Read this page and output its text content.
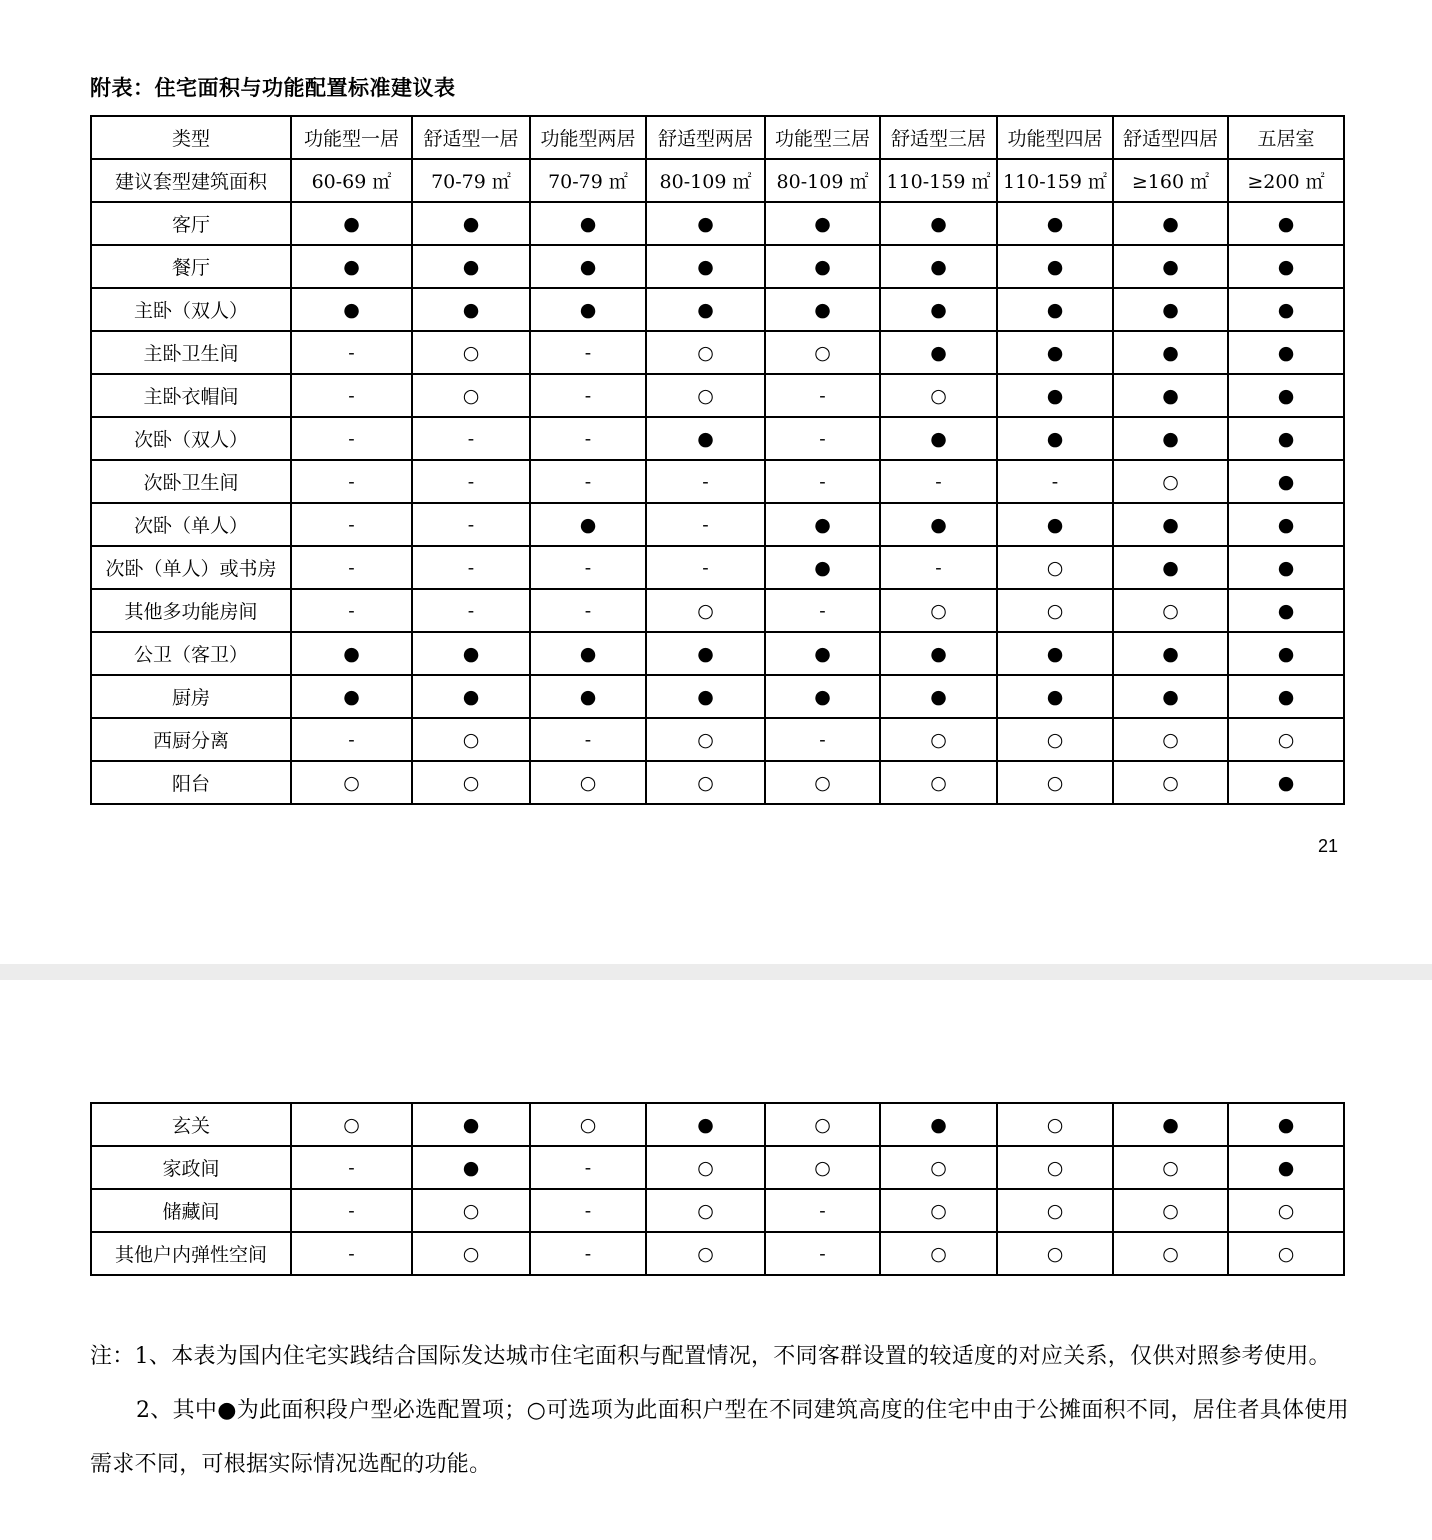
附表：住宅面积与功能配置标准建议表
类型	功能型一居	舒适型一居	功能型两居	舒适型两居	功能型三居	舒适型三居	功能型四居	舒适型四居	五居室
建议套型建筑面积	60-69 ㎡	70-79 ㎡	70-79 ㎡	80-109 ㎡	80-109 ㎡	110-159 ㎡	110-159 ㎡	≥160 ㎡	≥200 ㎡
客厅	●	●	●	●	●	●	●	●	●
餐厅	●	●	●	●	●	●	●	●	●
主卧（双人）	●	●	●	●	●	●	●	●	●
主卧卫生间	-	○	-	○	○	●	●	●	●
主卧衣帽间	-	○	-	○	-	○	●	●	●
次卧（双人）	-	-	-	●	-	●	●	●	●
次卧卫生间	-	-	-	-	-	-	-	○	●
次卧（单人）	-	-	●	-	●	●	●	●	●
次卧（单人）或书房	-	-	-	-	●	-	○	●	●
其他多功能房间	-	-	-	○	-	○	○	○	●
公卫（客卫）	●	●	●	●	●	●	●	●	●
厨房	●	●	●	●	●	●	●	●	●
西厨分离	-	○	-	○	-	○	○	○	○
阳台	○	○	○	○	○	○	○	○	●
21
玄关	○	●	○	●	○	●	○	●	●
家政间	-	●	-	○	○	○	○	○	●
储藏间	-	○	-	○	-	○	○	○	○
其他户内弹性空间	-	○	-	○	-	○	○	○	○

注：1、本表为国内住宅实践结合国际发达城市住宅面积与配置情况，不同客群设置的较适度的对应关系，仅供对照参考使用。

2、其中●为此面积段户型必选配置项；○可选项为此面积户型在不同建筑高度的住宅中由于公摊面积不同，居住者具体使用需求不同，可根据实际情况选配的功能。
